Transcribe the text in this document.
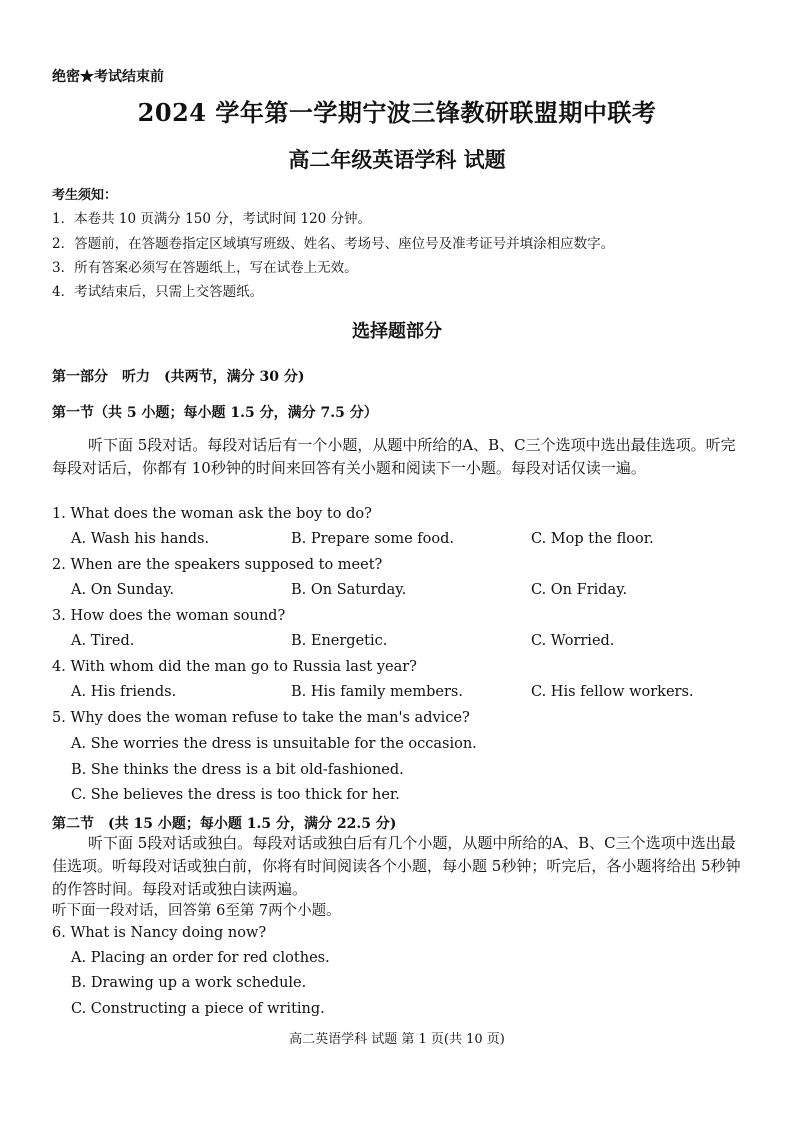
绝密★考试结束前
2024 学年第一学期宁波三锋教研联盟期中联考
高二年级英语学科 试题
考生须知：
1．本卷共 10 页满分 150 分，考试时间 120 分钟。
2．答题前，在答题卷指定区域填写班级、姓名、考场号、座位号及准考证号并填涂相应数字。
3．所有答案必须写在答题纸上，写在试卷上无效。
4．考试结束后，只需上交答题纸。
选择题部分
第一部分　听力　(共两节，满分 30 分)
第一节（共 5 小题；每小题 1.5 分，满分 7.5 分）
听下面 5段对话。每段对话后有一个小题，从题中所给的A、B、C三个选项中选出最佳选项。听完每段对话后，你都有 10秒钟的时间来回答有关小题和阅读下一小题。每段对话仅读一遍。
1. What does the woman ask the boy to do?
A. Wash his hands.	B. Prepare some food.	C. Mop the floor.
2. When are the speakers supposed to meet?
A. On Sunday.	B. On Saturday.	C. On Friday.
3. How does the woman sound?
A. Tired.	B. Energetic.	C. Worried.
4. With whom did the man go to Russia last year?
A. His friends.	B. His family members.	C. His fellow workers.
5. Why does the woman refuse to take the man's advice?
A. She worries the dress is unsuitable for the occasion.
B. She thinks the dress is a bit old-fashioned.
C. She believes the dress is too thick for her.
第二节　(共 15 小题；每小题 1.5 分，满分 22.5 分)
听下面 5段对话或独白。每段对话或独白后有几个小题，从题中所给的A、B、C三个选项中选出最佳选项。听每段对话或独白前，你将有时间阅读各个小题，每小题 5秒钟；听完后，各小题将给出 5秒钟的作答时间。每段对话或独白读两遍。
听下面一段对话，回答第 6至第 7两个小题。
6. What is Nancy doing now?
A. Placing an order for red clothes.
B. Drawing up a work schedule.
C. Constructing a piece of writing.
高二英语学科 试题 第 1 页(共 10 页)
